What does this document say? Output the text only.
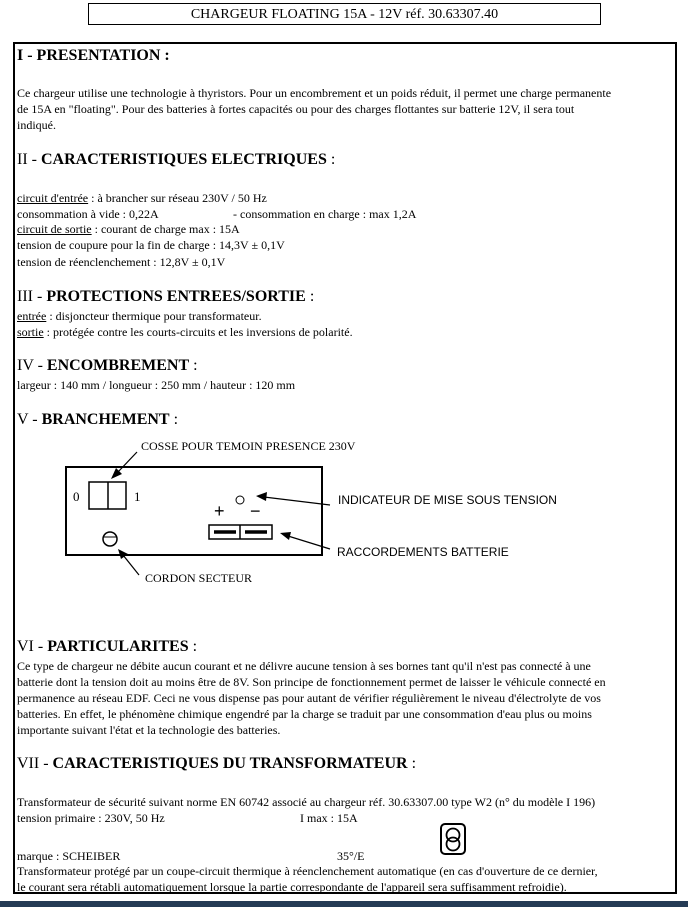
CHARGEUR FLOATING 15A - 12V réf. 30.63307.40
I - PRESENTATION :
Ce chargeur utilise une technologie à thyristors. Pour un encombrement et un poids réduit, il permet une charge permanente
de 15A en "floating". Pour des batteries à fortes capacités ou pour des charges flottantes sur batterie 12V, il sera tout
indiqué.
II - CARACTERISTIQUES ELECTRIQUES :
circuit d'entrée : à brancher sur réseau 230V / 50 Hz
consommation à vide : 0,22A	- consommation en charge : max 1,2A
circuit de sortie : courant de charge max : 15A
tension de coupure pour la fin de charge : 14,3V ± 0,1V
tension de réenclenchement : 12,8V ± 0,1V
III - PROTECTIONS ENTREES/SORTIE :
entrée : disjoncteur thermique pour transformateur.
sortie : protégée contre les courts-circuits et les inversions de polarité.
IV - ENCOMBREMENT :
largeur : 140 mm / longueur : 250 mm / hauteur : 120 mm
V - BRANCHEMENT :
COSSE POUR TEMOIN PRESENCE 230V
INDICATEUR DE MISE SOUS TENSION
RACCORDEMENTS BATTERIE
CORDON SECTEUR
0	1
+ −
VI - PARTICULARITES :
Ce type de chargeur ne débite aucun courant et ne délivre aucune tension à ses bornes tant qu'il n'est pas connecté à une
batterie dont la tension doit au moins être de 8V. Son principe de fonctionnement permet de laisser le véhicule connecté en
permanence au réseau EDF. Ceci ne vous dispense pas pour autant de vérifier régulièrement le niveau d'électrolyte de vos
batteries. En effet, le phénomène chimique engendré par la charge se traduit par une consommation d'eau plus ou moins
importante suivant l'état et la technologie des batteries.
VII - CARACTERISTIQUES DU TRANSFORMATEUR :
Transformateur de sécurité suivant norme EN 60742 associé au chargeur réf. 30.63307.00 type W2 (n° du modèle I 196)
tension primaire : 230V, 50 Hz	I max : 15A
marque : SCHEIBER	35°/E
Transformateur protégé par un coupe-circuit thermique à réenclenchement automatique (en cas d'ouverture de ce dernier,
le courant sera rétabli automatiquement lorsque la partie correspondante de l'appareil sera suffisamment refroidie).
